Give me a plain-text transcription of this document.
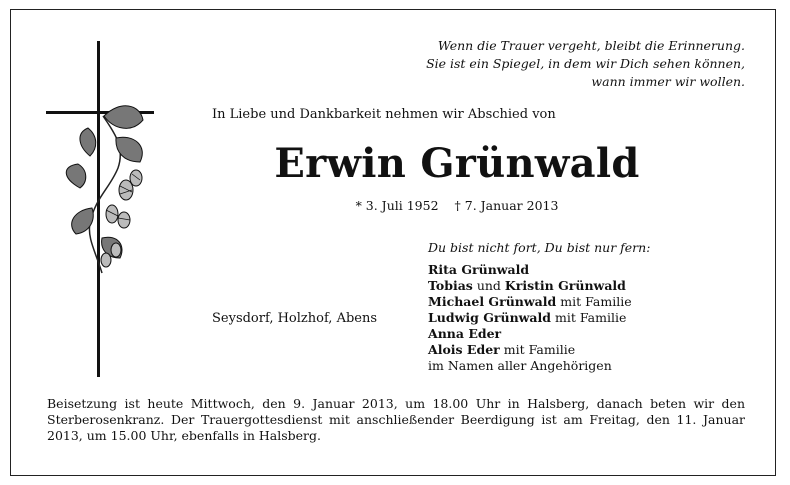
Wenn die Trauer vergeht, bleibt die Erinnerung.
Sie ist ein Spiegel, in dem wir Dich sehen können,
wann immer wir wollen.
In Liebe und Dankbarkeit nehmen wir Abschied von
Erwin Grünwald
* 3. Juli 1952 † 7. Januar 2013
Du bist nicht fort, Du bist nur fern:
Seysdorf, Holzhof, Abens
Rita Grünwald
Tobias und Kristin Grünwald
Michael Grünwald mit Familie
Ludwig Grünwald mit Familie
Anna Eder
Alois Eder mit Familie
im Namen aller Angehörigen
Beisetzung ist heute Mittwoch, den 9. Januar 2013, um 18.00 Uhr in Halsberg, danach beten wir den Sterberosenkranz. Der Trauergottesdienst mit anschließender Beerdigung ist am Freitag, den 11. Januar 2013, um 15.00 Uhr, ebenfalls in Halsberg.
